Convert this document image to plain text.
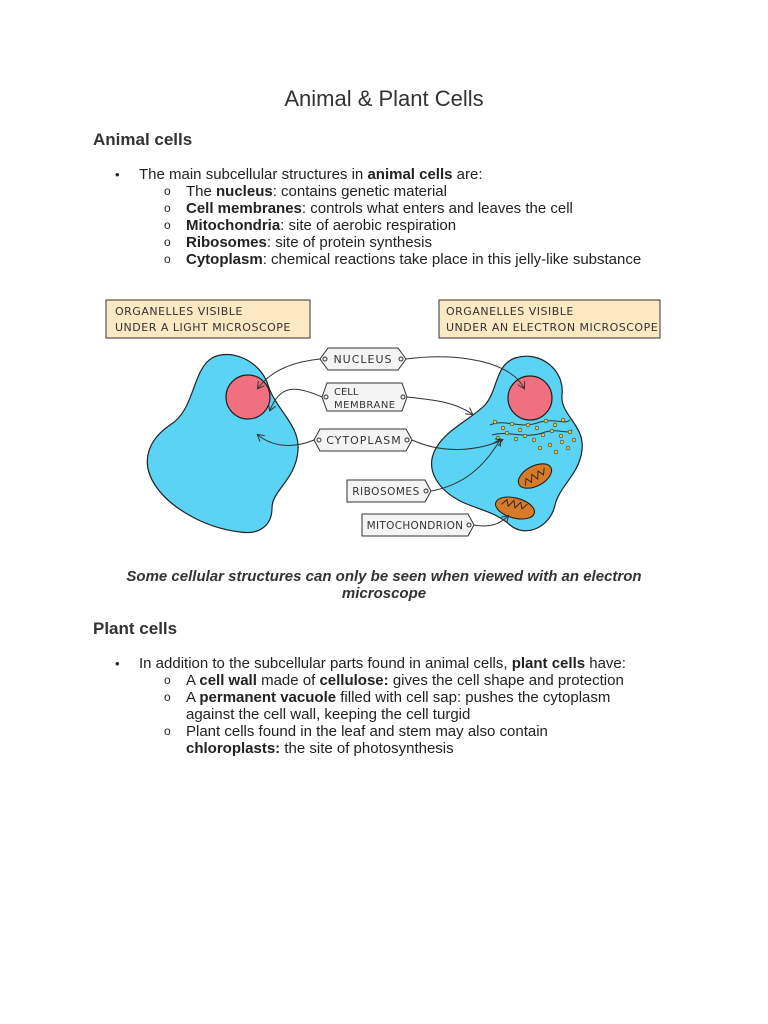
Animal & Plant Cells
Animal cells
• The main subcellular structures in animal cells are:
o The nucleus: contains genetic material
o Cell membranes: controls what enters and leaves the cell
o Mitochondria: site of aerobic respiration
o Ribosomes: site of protein synthesis
o Cytoplasm: chemical reactions take place in this jelly-like substance
ORGANELLES VISIBLE
UNDER A LIGHT MICROSCOPE
ORGANELLES VISIBLE
UNDER AN ELECTRON MICROSCOPE
NUCLEUS
CELL
MEMBRANE
CYTOPLASM
RIBOSOMES
MITOCHONDRION
Some cellular structures can only be seen when viewed with an electron microscope
Plant cells
• In addition to the subcellular parts found in animal cells, plant cells have:
o A cell wall made of cellulose: gives the cell shape and protection
o A permanent vacuole filled with cell sap: pushes the cytoplasm against the cell wall, keeping the cell turgid
o Plant cells found in the leaf and stem may also contain chloroplasts: the site of photosynthesis
